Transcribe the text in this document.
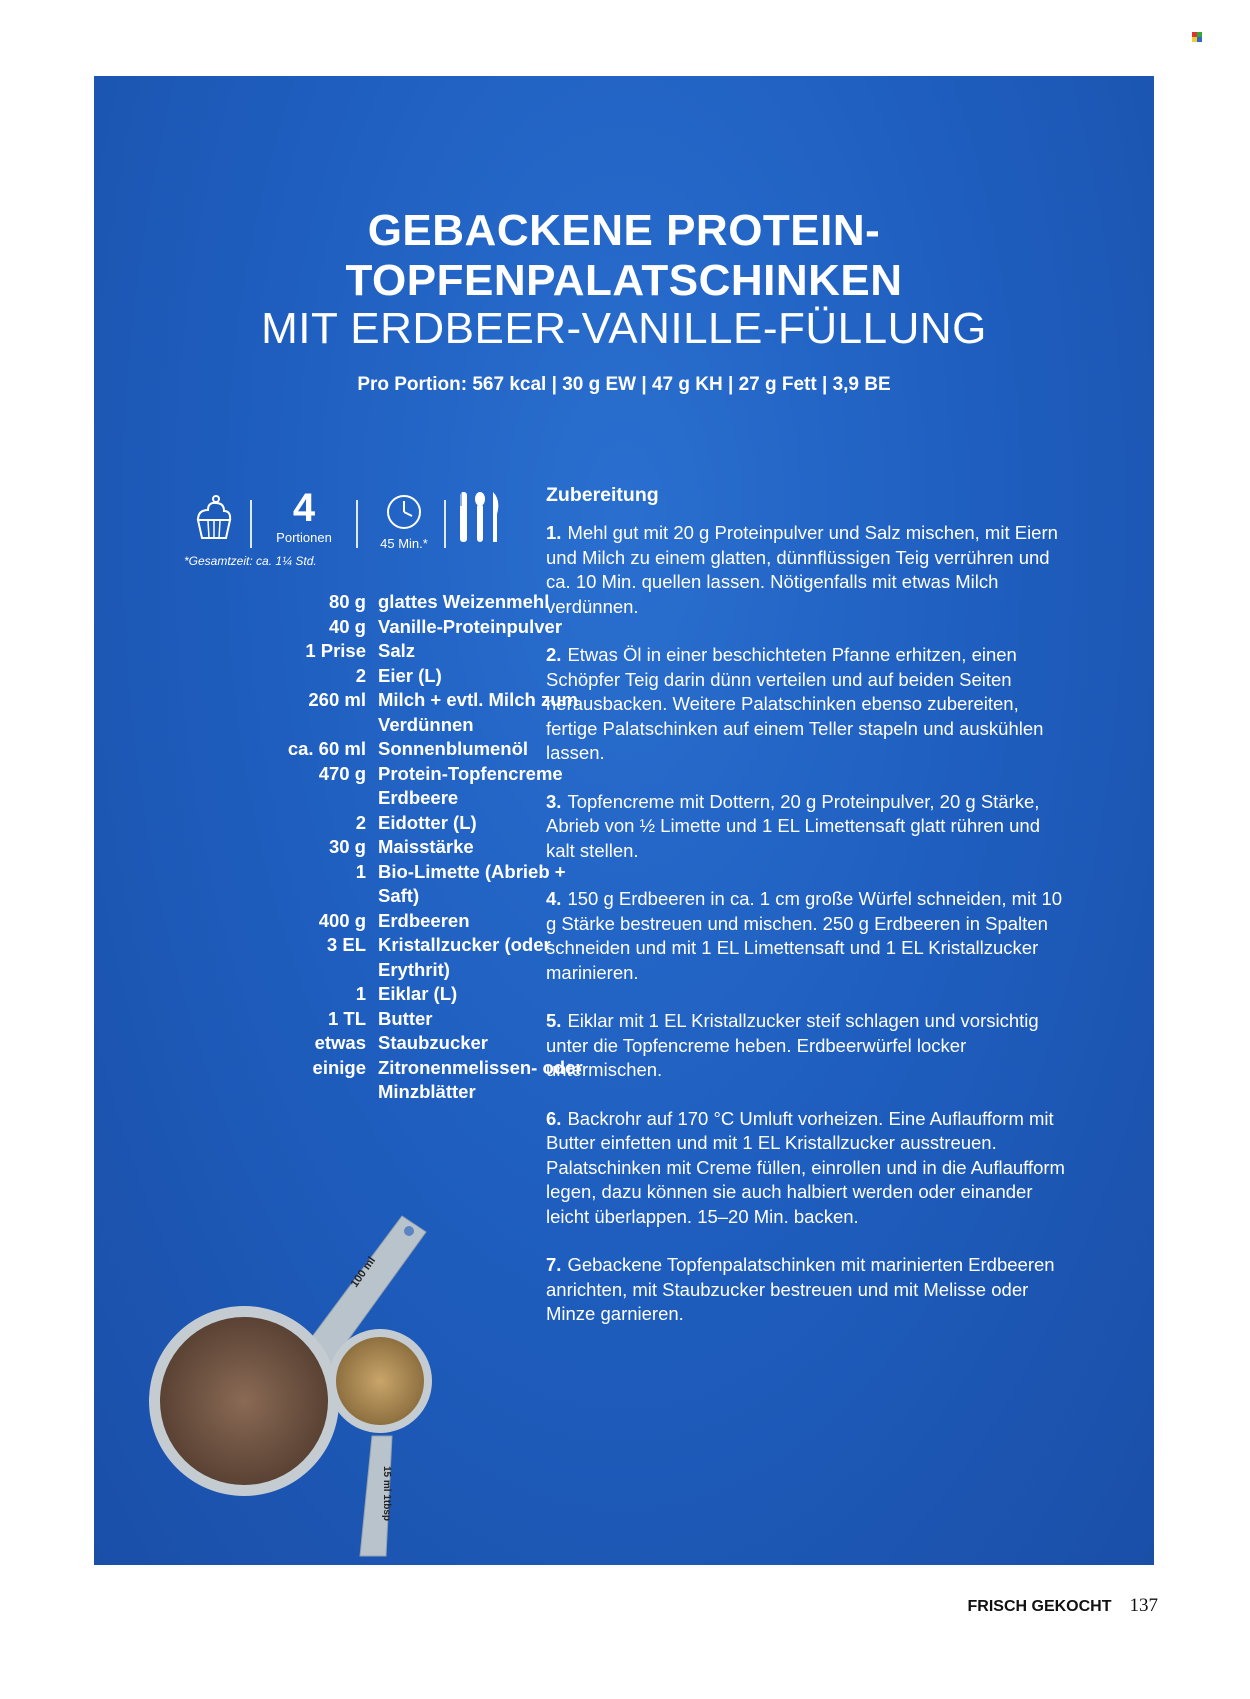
GEBACKENE PROTEIN-
TOPFENPALATSCHINKEN
MIT ERDBEER-VANILLE-FÜLLUNG
Pro Portion: 567 kcal | 30 g EW | 47 g KH | 27 g Fett | 3,9 BE
4
Portionen	45 Min.*
*Gesamtzeit: ca. 1¼ Std.
80 g glattes Weizenmehl
40 g Vanille-Proteinpulver
1 Prise Salz
2 Eier (L)
260 ml Milch + evtl. Milch zum Verdünnen
ca. 60 ml Sonnenblumenöl
470 g Protein-Topfencreme Erdbeere
2 Eidotter (L)
30 g Maisstärke
1 Bio-Limette (Abrieb + Saft)
400 g Erdbeeren
3 EL Kristallzucker (oder Erythrit)
1 Eiklar (L)
1 TL Butter
etwas Staubzucker
einige Zitronenmelissen- oder Minzblätter
Zubereitung
1. Mehl gut mit 20 g Proteinpulver und Salz mischen, mit Eiern und Milch zu einem glatten, dünnflüssigen Teig verrühren und ca. 10 Min. quellen lassen. Nötigenfalls mit etwas Milch verdünnen.
2. Etwas Öl in einer beschichteten Pfanne erhitzen, einen Schöpfer Teig darin dünn verteilen und auf beiden Seiten herausbacken. Weitere Palatschinken ebenso zubereiten, fertige Palatschinken auf einem Teller stapeln und auskühlen lassen.
3. Topfencreme mit Dottern, 20 g Proteinpulver, 20 g Stärke, Abrieb von ½ Limette und 1 EL Limettensaft glatt rühren und kalt stellen.
4. 150 g Erdbeeren in ca. 1 cm große Würfel schneiden, mit 10 g Stärke bestreuen und mischen. 250 g Erdbeeren in Spalten schneiden und mit 1 EL Limettensaft und 1 EL Kristallzucker marinieren.
5. Eiklar mit 1 EL Kristallzucker steif schlagen und vorsichtig unter die Topfencreme heben. Erdbeerwürfel locker untermischen.
6. Backrohr auf 170 °C Umluft vorheizen. Eine Auflaufform mit Butter einfetten und mit 1 EL Kristallzucker ausstreuen. Palatschinken mit Creme füllen, einrollen und in die Auflaufform legen, dazu können sie auch halbiert werden oder einander leicht überlappen. 15–20 Min. backen.
7. Gebackene Topfenpalatschinken mit marinierten Erdbeeren anrichten, mit Staubzucker bestreuen und mit Melisse oder Minze garnieren.
100 ml
15 ml 1tbsp
FRISCH GEKOCHT 137
